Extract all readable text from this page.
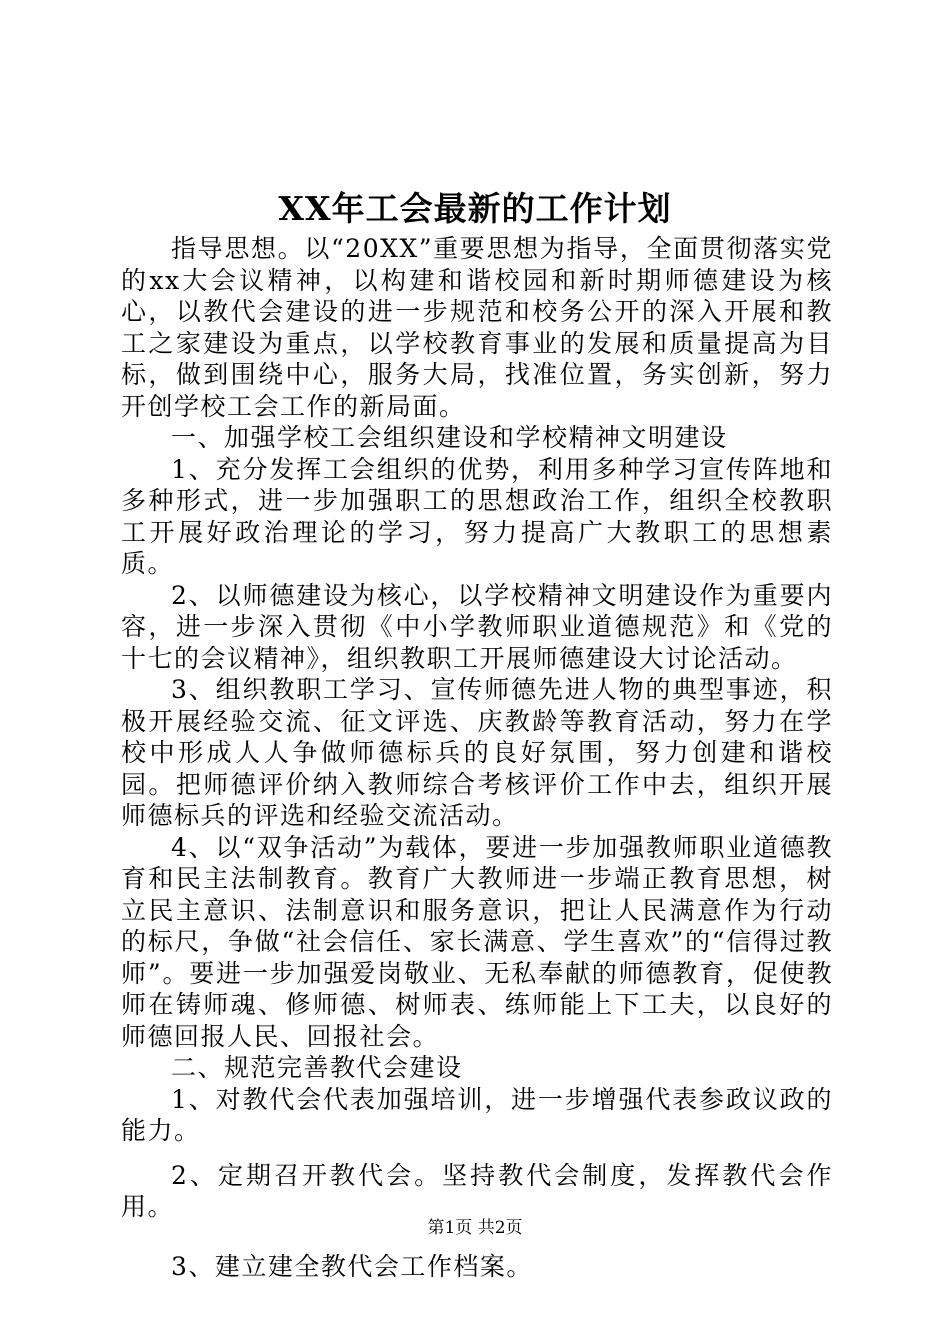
XX年工会最新的工作计划

指导思想。以“20XX”重要思想为指导，全面贯彻落实党的xx大会议精神，以构建和谐校园和新时期师德建设为核心，以教代会建设的进一步规范和校务公开的深入开展和教工之家建设为重点，以学校教育事业的发展和质量提高为目标，做到围绕中心，服务大局，找准位置，务实创新，努力开创学校工会工作的新局面。

一、加强学校工会组织建设和学校精神文明建设

1、充分发挥工会组织的优势，利用多种学习宣传阵地和多种形式，进一步加强职工的思想政治工作，组织全校教职工开展好政治理论的学习，努力提高广大教职工的思想素质。

2、以师德建设为核心，以学校精神文明建设作为重要内容，进一步深入贯彻《中小学教师职业道德规范》和《党的十七的会议精神》，组织教职工开展师德建设大讨论活动。

3、组织教职工学习、宣传师德先进人物的典型事迹，积极开展经验交流、征文评选、庆教龄等教育活动，努力在学校中形成人人争做师德标兵的良好氛围，努力创建和谐校园。把师德评价纳入教师综合考核评价工作中去，组织开展师德标兵的评选和经验交流活动。

4、以“双争活动”为载体，要进一步加强教师职业道德教育和民主法制教育。教育广大教师进一步端正教育思想，树立民主意识、法制意识和服务意识，把让人民满意作为行动的标尺，争做“社会信任、家长满意、学生喜欢”的“信得过教师”。要进一步加强爱岗敬业、无私奉献的师德教育，促使教师在铸师魂、修师德、树师表、练师能上下工夫，以良好的师德回报人民、回报社会。

二、规范完善教代会建设

1、对教代会代表加强培训，进一步增强代表参政议政的能力。

2、定期召开教代会。坚持教代会制度，发挥教代会作用。

3、建立建全教代会工作档案。

第1页 共2页
